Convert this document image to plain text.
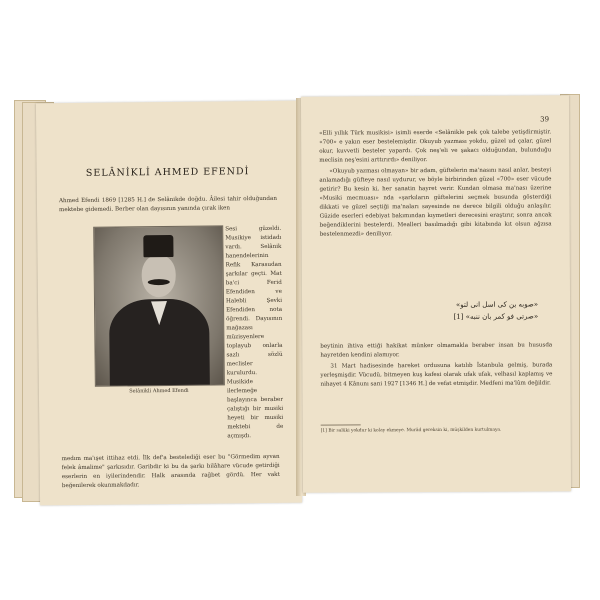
SELÂNİKLİ AHMED EFENDİ
Ahmed Efendi 1869 [1285 H.] de Selânikde doğdu. Âilesi tahir olduğundan mektebe gidemedi. Berber olan dayısının yanında çırak iken
Selânikli Ahmed Efendi
Sesi güzeldi. Musikiye istidadı vardı. Selânik hanendelerinin Refik Karasudan şarkılar geçti. Mat ba'ci Ferid Efendiden ve Halebli Şevki Efendiden nota öğrendi. Dayısının mağazası müzisyenlere toplayub onlarla sazlı sözlü meclisler kurulurdu. Musikide ilerlemeğe başlayınca beraber çalıştığı bir musiki heyeti bir musiki mektebi de açmışdı.
medım ma'ışet ittihaz etdi. İlk def'a bestelediği eser bu "Görmedim ayvan felek âmalime" şarkısıdır. Garibdir ki bu da şarkı bilâhare vücude getirdiği eserlerin en iyilerindendir. Halk arasında rağbet gördü. Her vakt beğenilerek okunmakdadır.
39
«Elli yıllık Türk musikisi» isimli eserde «Selânikle pek çok talebe yetişdirmiştir. «700» e yakın eser bestelemişdir. Okuyub yazması yokdu, güzel ud çalar, güzel okur, kuvvetli besteler yapardı. Çok neş'eli ve şakacı olduğundan, bulunduğu meclisin neş'esini arttırırdı» deniliyor.
«Okuyub yazması olmayan» bir adam, güftelerin ma'nasını nasıl anlar, besteyi anlamadığı güfteye nasıl uydurur, ve böyle birbirinden güzel «700» eser vücude getirir? Bu kesin ki, her sanatin hayret verir. Kundan olmasa ma'nası üzerine «Musiki mecmuası» nda «şarkıların güftelerini seçmek busunda gösterdiği dikkati ve güzel seçtiği ma'naları sayesinde ne derece bilgili olduğu anlaşılır. Güzide eserleri edebiyat bakımından kıymetleri derecesini eraştırır, sonra ancak beğendiklerini bestelerdi. Mealleri basılmadığı gibi kitabında kıt olsun ağzısa bestelenmezdi» deniliyor.
«صوبه بن كى اسل انى لتو»
[1] «صرتى فو كمر بان ننبه»
beytinin ihtiva ettiği hakikat münker olmamakla beraber insan bu hususda hayretden kendini alamıyor.
31 Mart hadisesinde hareket ordusuna katılıb İstanbula gelmiş, burada yerleşmişdir. Vücudü, bitmeyen kuş kafesi olarak ufak ufak, velhasıl kaplamış ve nihayet 4 Kânunı sani 1927 [1346 H.] de vefat etmişdir. Medfeni ma'lûm değildir.
[1] Bir salûki yokdur ki kolay ekmeye. Murâd gereksin ki, müşkilden kurtulmaya.
